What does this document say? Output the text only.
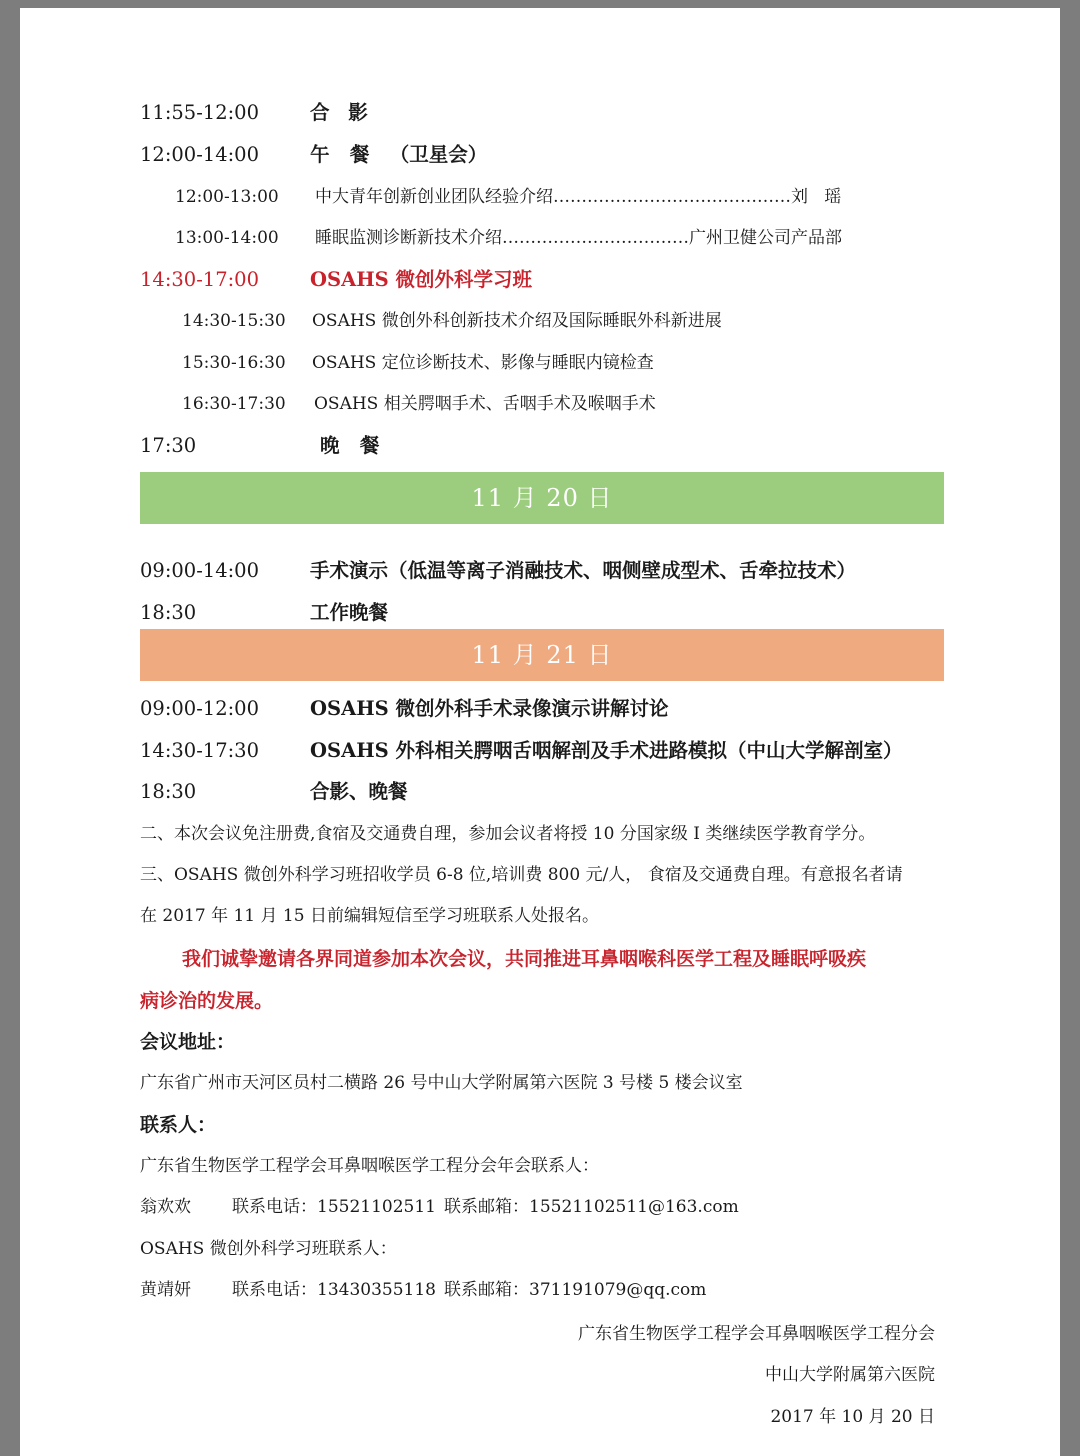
11:55-12:00	合 影
12:00-14:00	午   餐   （卫星会）
12:00-13:00 中大青年创新创业团队经验介绍……………………………………刘   瑶
13:00-14:00 睡眠监测诊断新技术介绍……………………………广州卫健公司产品部
14:30-17:00	OSAHS 微创外科学习班
14:30-15:30 OSAHS 微创外科创新技术介绍及国际睡眠外科新进展
15:30-16:30 OSAHS 定位诊断技术、影像与睡眠内镜检查
16:30-17:30 OSAHS 相关腭咽手术、舌咽手术及喉咽手术
17:30	晚   餐
11 月 20 日
09:00-14:00	手术演示（低温等离子消融技术、咽侧壁成型术、舌牵拉技术）
18:30	工作晚餐
11 月 21 日
09:00-12:00	OSAHS 微创外科手术录像演示讲解讨论
14:30-17:30	OSAHS 外科相关腭咽舌咽解剖及手术进路模拟（中山大学解剖室）
18:30	合影、晚餐
二、本次会议免注册费,食宿及交通费自理，参加会议者将授 10 分国家级 I 类继续医学教育学分。
三、OSAHS 微创外科学习班招收学员 6-8 位,培训费 800 元/人， 食宿及交通费自理。有意报名者请
在 2017 年 11 月 15 日前编辑短信至学习班联系人处报名。
我们诚挚邀请各界同道参加本次会议，共同推进耳鼻咽喉科医学工程及睡眠呼吸疾
病诊治的发展。
会议地址：
广东省广州市天河区员村二横路 26 号中山大学附属第六医院 3 号楼 5 楼会议室
联系人：
广东省生物医学工程学会耳鼻咽喉医学工程分会年会联系人：
翁欢欢 联系电话：15521102511 联系邮箱：15521102511@163.com
OSAHS 微创外科学习班联系人：
黄靖妍 联系电话：13430355118 联系邮箱：371191079@qq.com
广东省生物医学工程学会耳鼻咽喉医学工程分会
中山大学附属第六医院
2017 年 10 月 20 日
